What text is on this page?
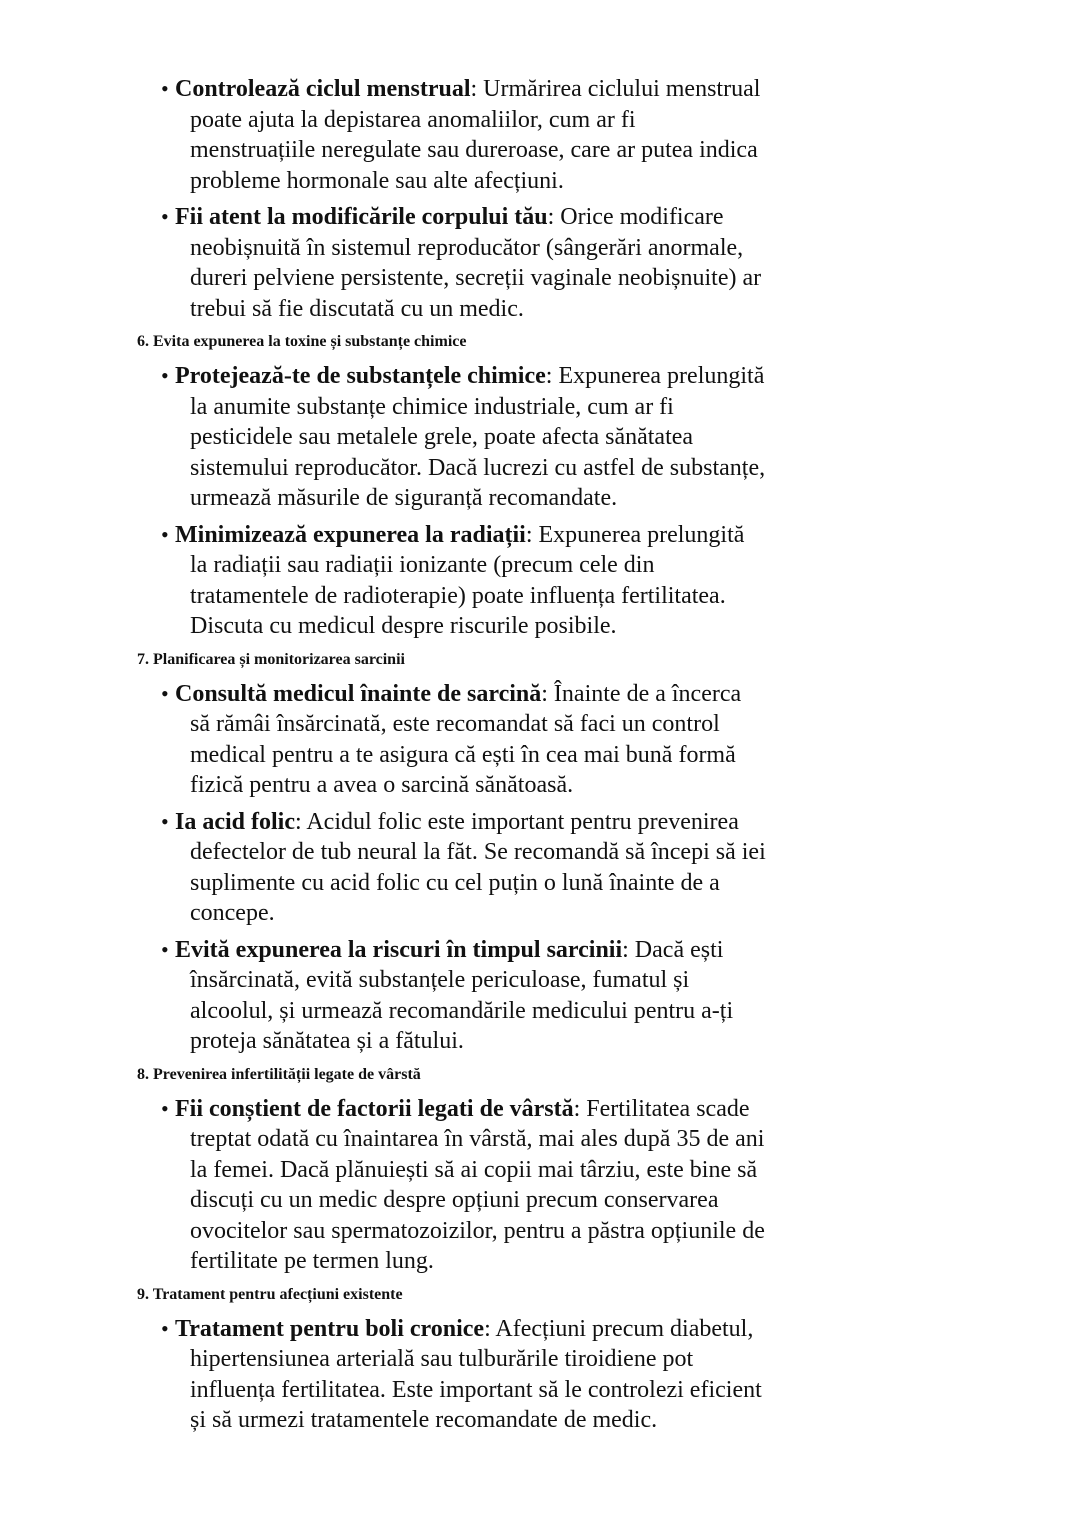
• Controlează ciclul menstrual: Urmărirea ciclului menstrual
poate ajuta la depistarea anomaliilor, cum ar fi
menstruațiile neregulate sau dureroase, care ar putea indica
probleme hormonale sau alte afecțiuni.
• Fii atent la modificările corpului tău: Orice modificare
neobișnuită în sistemul reproducător (sângerări anormale,
dureri pelviene persistente, secreții vaginale neobișnuite) ar
trebui să fie discutată cu un medic.
6. Evita expunerea la toxine și substanțe chimice
• Protejează-te de substanțele chimice: Expunerea prelungită
la anumite substanțe chimice industriale, cum ar fi
pesticidele sau metalele grele, poate afecta sănătatea
sistemului reproducător. Dacă lucrezi cu astfel de substanțe,
urmează măsurile de siguranță recomandate.
• Minimizează expunerea la radiații: Expunerea prelungită
la radiații sau radiații ionizante (precum cele din
tratamentele de radioterapie) poate influența fertilitatea.
Discuta cu medicul despre riscurile posibile.
7. Planificarea și monitorizarea sarcinii
• Consultă medicul înainte de sarcină: Înainte de a încerca
să rămâi însărcinată, este recomandat să faci un control
medical pentru a te asigura că ești în cea mai bună formă
fizică pentru a avea o sarcină sănătoasă.
• Ia acid folic: Acidul folic este important pentru prevenirea
defectelor de tub neural la făt. Se recomandă să începi să iei
suplimente cu acid folic cu cel puțin o lună înainte de a
concepe.
• Evită expunerea la riscuri în timpul sarcinii: Dacă ești
însărcinată, evită substanțele periculoase, fumatul și
alcoolul, și urmează recomandările medicului pentru a-ți
proteja sănătatea și a fătului.
8. Prevenirea infertilității legate de vârstă
• Fii conștient de factorii legati de vârstă: Fertilitatea scade
treptat odată cu înaintarea în vârstă, mai ales după 35 de ani
la femei. Dacă plănuiești să ai copii mai târziu, este bine să
discuți cu un medic despre opțiuni precum conservarea
ovocitelor sau spermatozoizilor, pentru a păstra opțiunile de
fertilitate pe termen lung.
9. Tratament pentru afecțiuni existente
• Tratament pentru boli cronice: Afecțiuni precum diabetul,
hipertensiunea arterială sau tulburările tiroidiene pot
influența fertilitatea. Este important să le controlezi eficient
și să urmezi tratamentele recomandate de medic.
